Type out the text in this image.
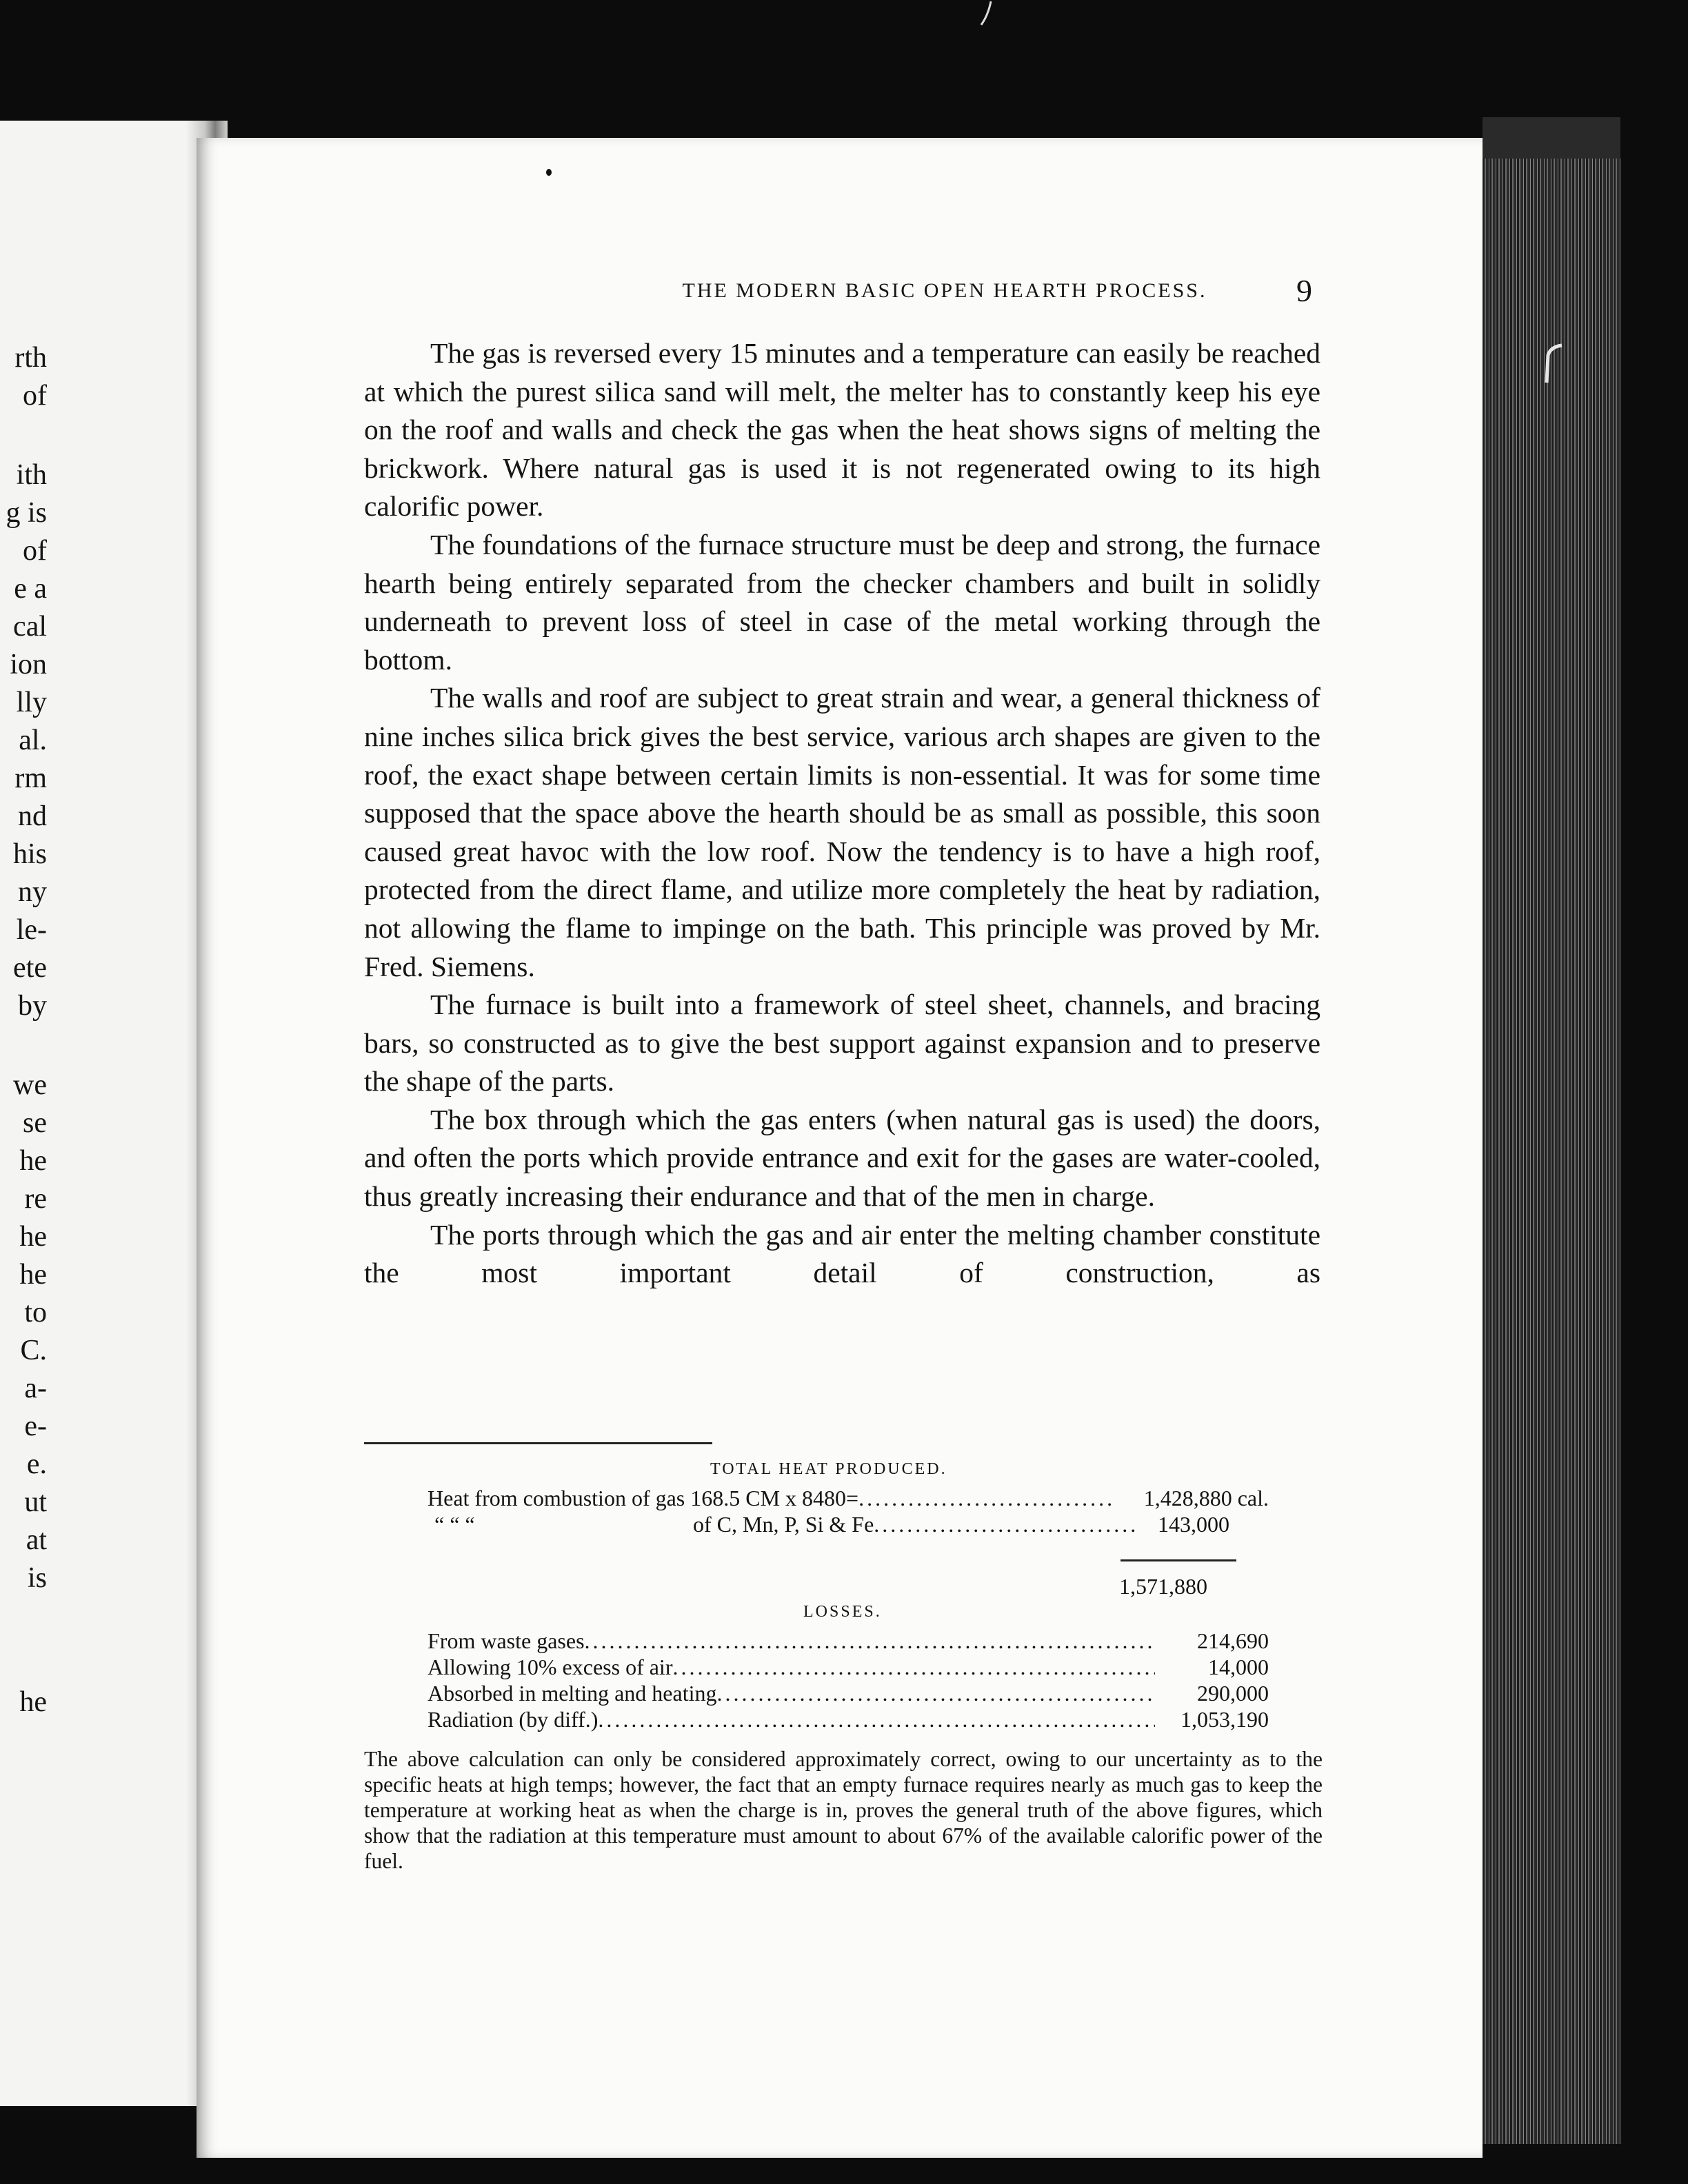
rth
of
ith
g is
of
e a
cal
ion
lly
al.
rm
nd
his
ny
le-
ete
by
we
se
he
re
he
he
to
C.
a-
e-
e.
ut
at
is
he
THE MODERN BASIC OPEN HEARTH PROCESS.	9

The gas is reversed every 15 minutes and a temperature can easily be reached at which the purest silica sand will melt, the melter has to constantly keep his eye on the roof and walls and check the gas when the heat shows signs of melting the brickwork. Where natural gas is used it is not regenerated owing to its high calorific power.

The foundations of the furnace structure must be deep and strong, the furnace hearth being entirely separated from the checker chambers and built in solidly underneath to prevent loss of steel in case of the metal working through the bottom.

The walls and roof are subject to great strain and wear, a general thickness of nine inches silica brick gives the best service, various arch shapes are given to the roof, the exact shape between certain limits is non-essential. It was for some time supposed that the space above the hearth should be as small as possible, this soon caused great havoc with the low roof. Now the tendency is to have a high roof, protected from the direct flame, and utilize more completely the heat by radiation, not allowing the flame to impinge on the bath. This principle was proved by Mr. Fred. Siemens.

The furnace is built into a framework of steel sheet, channels, and bracing bars, so constructed as to give the best support against expansion and to preserve the shape of the parts.

The box through which the gas enters (when natural gas is used) the doors, and often the ports which provide entrance and exit for the gases are water-cooled, thus greatly increasing their endurance and that of the men in charge.

The ports through which the gas and air enter the melting chamber constitute the most important detail of construction, as

TOTAL HEAT PRODUCED.
Heat from combustion of gas 168.5 CM x 8480= .....	1,428,880 cal.
“ “ “	of C, Mn, P, Si & Fe .....	143,000
1,571,880
LOSSES.
From waste gases .....	214,690
Allowing 10% excess of air .....	14,000
Absorbed in melting and heating .....	290,000
Radiation (by diff.) .....	1,053,190
The above calculation can only be considered approximately correct, owing to our uncertainty as to the specific heats at high temps; however, the fact that an empty furnace requires nearly as much gas to keep the temperature at working heat as when the charge is in, proves the general truth of the above figures, which show that the radiation at this temperature must amount to about 67% of the available calorific power of the fuel.
